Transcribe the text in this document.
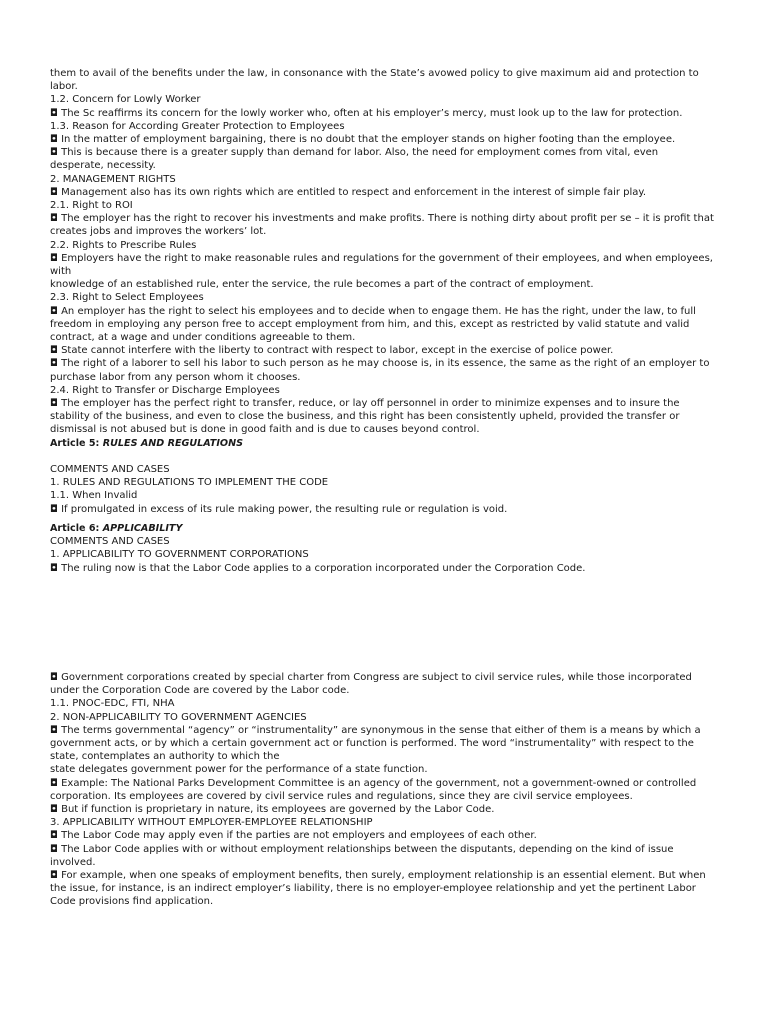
them to avail of the benefits under the law, in consonance with the State’s avowed policy to give maximum aid and protection to labor.

1.2. Concern for Lowly Worker

◘ The Sc reaffirms its concern for the lowly worker who, often at his employer’s mercy, must look up to the law for protection.

1.3. Reason for According Greater Protection to Employees

◘ In the matter of employment bargaining, there is no doubt that the employer stands on higher footing than the employee.

◘ This is because there is a greater supply than demand for labor. Also, the need for employment comes from vital, even desperate, necessity.

2. MANAGEMENT RIGHTS

◘ Management also has its own rights which are entitled to respect and enforcement in the interest of simple fair play.

2.1. Right to ROI

◘ The employer has the right to recover his investments and make profits. There is nothing dirty about profit per se – it is profit that creates jobs and improves the workers’ lot.

2.2. Rights to Prescribe Rules

◘ Employers have the right to make reasonable rules and regulations for the government of their employees, and when employees, with

knowledge of an established rule, enter the service, the rule becomes a part of the contract of employment.

2.3. Right to Select Employees

◘ An employer has the right to select his employees and to decide when to engage them. He has the right, under the law, to full freedom in employing any person free to accept employment from him, and this, except as restricted by valid statute and valid contract, at a wage and under conditions agreeable to them.

◘ State cannot interfere with the liberty to contract with respect to labor, except in the exercise of police power.

◘ The right of a laborer to sell his labor to such person as he may choose is, in its essence, the same as the right of an employer to purchase labor from any person whom it chooses.

2.4. Right to Transfer or Discharge Employees

◘ The employer has the perfect right to transfer, reduce, or lay off personnel in order to minimize expenses and to insure the stability of the business, and even to close the business, and this right has been consistently upheld, provided the transfer or dismissal is not abused but is done in good faith and is due to causes beyond control.

Article 5: RULES AND REGULATIONS

COMMENTS AND CASES

1. RULES AND REGULATIONS TO IMPLEMENT THE CODE

1.1. When Invalid

◘ If promulgated in excess of its rule making power, the resulting rule or regulation is void.

Article 6: APPLICABILITY

COMMENTS AND CASES

1. APPLICABILITY TO GOVERNMENT CORPORATIONS

◘ The ruling now is that the Labor Code applies to a corporation incorporated under the Corporation Code.

◘ Government corporations created by special charter from Congress are subject to civil service rules, while those incorporated under the Corporation Code are covered by the Labor code.

1.1. PNOC-EDC, FTI, NHA

2. NON-APPLICABILITY TO GOVERNMENT AGENCIES

◘ The terms governmental “agency” or “instrumentality” are synonymous in the sense that either of them is a means by which a government acts, or by which a certain government act or function is performed. The word “instrumentality” with respect to the state, contemplates an authority to which the

state delegates government power for the performance of a state function.

◘ Example: The National Parks Development Committee is an agency of the government, not a government-owned or controlled corporation. Its employees are covered by civil service rules and regulations, since they are civil service employees.

◘ But if function is proprietary in nature, its employees are governed by the Labor Code.

3. APPLICABILITY WITHOUT EMPLOYER-EMPLOYEE RELATIONSHIP

◘ The Labor Code may apply even if the parties are not employers and employees of each other.

◘ The Labor Code applies with or without employment relationships between the disputants, depending on the kind of issue involved.

◘ For example, when one speaks of employment benefits, then surely, employment relationship is an essential element. But when the issue, for instance, is an indirect employer’s liability, there is no employer-employee relationship and yet the pertinent Labor Code provisions find application.
